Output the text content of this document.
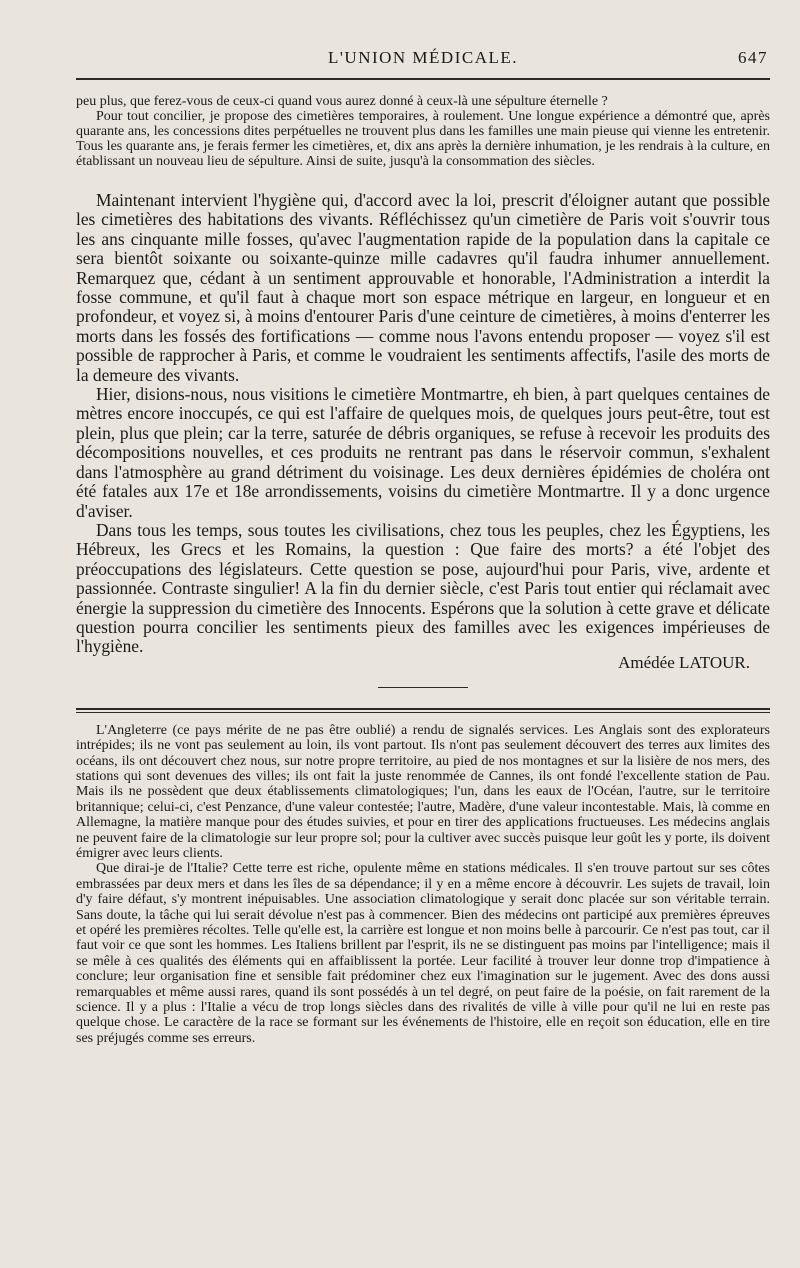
L'UNION MÉDICALE.	647

peu plus, que ferez-vous de ceux-ci quand vous aurez donné à ceux-là une sépulture éternelle ?

Pour tout concilier, je propose des cimetières temporaires, à roulement. Une longue expérience a démontré que, après quarante ans, les concessions dites perpétuelles ne trouvent plus dans les familles une main pieuse qui vienne les entretenir. Tous les quarante ans, je ferais fermer les cimetières, et, dix ans après la dernière inhumation, je les rendrais à la culture, en établissant un nouveau lieu de sépulture. Ainsi de suite, jusqu'à la consommation des siècles.

Maintenant intervient l'hygiène qui, d'accord avec la loi, prescrit d'éloigner autant que possible les cimetières des habitations des vivants. Réfléchissez qu'un cimetière de Paris voit s'ouvrir tous les ans cinquante mille fosses, qu'avec l'augmentation rapide de la population dans la capitale ce sera bientôt soixante ou soixante-quinze mille cadavres qu'il faudra inhumer annuellement. Remarquez que, cédant à un sentiment approuvable et honorable, l'Administration a interdit la fosse commune, et qu'il faut à chaque mort son espace métrique en largeur, en longueur et en profondeur, et voyez si, à moins d'entourer Paris d'une ceinture de cimetières, à moins d'enterrer les morts dans les fossés des fortifications — comme nous l'avons entendu proposer — voyez s'il est possible de rapprocher à Paris, et comme le voudraient les sentiments affectifs, l'asile des morts de la demeure des vivants.

Hier, disions-nous, nous visitions le cimetière Montmartre, eh bien, à part quelques centaines de mètres encore inoccupés, ce qui est l'affaire de quelques mois, de quelques jours peut-être, tout est plein, plus que plein; car la terre, saturée de débris organiques, se refuse à recevoir les produits des décompositions nouvelles, et ces produits ne rentrant pas dans le réservoir commun, s'exhalent dans l'atmosphère au grand détriment du voisinage. Les deux dernières épidémies de choléra ont été fatales aux 17e et 18e arrondissements, voisins du cimetière Montmartre. Il y a donc urgence d'aviser.

Dans tous les temps, sous toutes les civilisations, chez tous les peuples, chez les Égyptiens, les Hébreux, les Grecs et les Romains, la question : Que faire des morts? a été l'objet des préoccupations des législateurs. Cette question se pose, aujourd'hui pour Paris, vive, ardente et passionnée. Contraste singulier! A la fin du dernier siècle, c'est Paris tout entier qui réclamait avec énergie la suppression du cimetière des Innocents. Espérons que la solution à cette grave et délicate question pourra concilier les sentiments pieux des familles avec les exigences impérieuses de l'hygiène.

Amédée LATOUR.

L'Angleterre (ce pays mérite de ne pas être oublié) a rendu de signalés services. Les Anglais sont des explorateurs intrépides; ils ne vont pas seulement au loin, ils vont partout. Ils n'ont pas seulement découvert des terres aux limites des océans, ils ont découvert chez nous, sur notre propre territoire, au pied de nos montagnes et sur la lisière de nos mers, des stations qui sont devenues des villes; ils ont fait la juste renommée de Cannes, ils ont fondé l'excellente station de Pau. Mais ils ne possèdent que deux établissements climatologiques; l'un, dans les eaux de l'Océan, l'autre, sur le territoire britannique; celui-ci, c'est Penzance, d'une valeur contestée; l'autre, Madère, d'une valeur incontestable. Mais, là comme en Allemagne, la matière manque pour des études suivies, et pour en tirer des applications fructueuses. Les médecins anglais ne peuvent faire de la climatologie sur leur propre sol; pour la cultiver avec succès puisque leur goût les y porte, ils doivent émigrer avec leurs clients.

Que dirai-je de l'Italie? Cette terre est riche, opulente même en stations médicales. Il s'en trouve partout sur ses côtes embrassées par deux mers et dans les îles de sa dépendance; il y en a même encore à découvrir. Les sujets de travail, loin d'y faire défaut, s'y montrent inépuisables. Une association climatologique y serait donc placée sur son véritable terrain. Sans doute, la tâche qui lui serait dévolue n'est pas à commencer. Bien des médecins ont participé aux premières épreuves et opéré les premières récoltes. Telle qu'elle est, la carrière est longue et non moins belle à parcourir. Ce n'est pas tout, car il faut voir ce que sont les hommes. Les Italiens brillent par l'esprit, ils ne se distinguent pas moins par l'intelligence; mais il se mêle à ces qualités des éléments qui en affaiblissent la portée. Leur facilité à trouver leur donne trop d'impatience à conclure; leur organisation fine et sensible fait prédominer chez eux l'imagination sur le jugement. Avec des dons aussi remarquables et même aussi rares, quand ils sont possédés à un tel degré, on peut faire de la poésie, on fait rarement de la science. Il y a plus : l'Italie a vécu de trop longs siècles dans des rivalités de ville à ville pour qu'il ne lui en reste pas quelque chose. Le caractère de la race se formant sur les événements de l'histoire, elle en reçoit son éducation, elle en tire ses préjugés comme ses erreurs.
